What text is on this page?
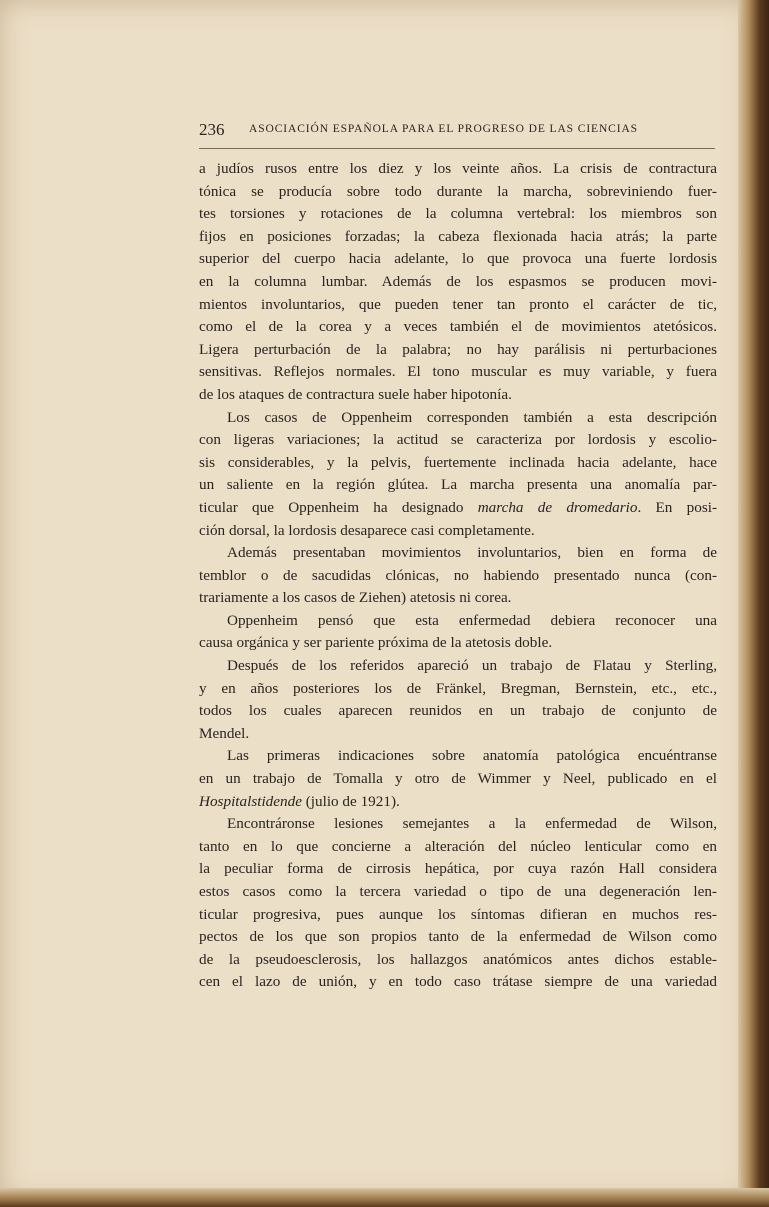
236 ASOCIACIÓN ESPAÑOLA PARA EL PROGRESO DE LAS CIENCIAS
a judíos rusos entre los diez y los veinte años. La crisis de contractura
tónica se producía sobre todo durante la marcha, sobreviniendo fuer-
tes torsiones y rotaciones de la columna vertebral: los miembros son
fijos en posiciones forzadas; la cabeza flexionada hacia atrás; la parte
superior del cuerpo hacia adelante, lo que provoca una fuerte lordosis
en la columna lumbar. Además de los espasmos se producen movi-
mientos involuntarios, que pueden tener tan pronto el carácter de tic,
como el de la corea y a veces también el de movimientos atetósicos.
Ligera perturbación de la palabra; no hay parálisis ni perturbaciones
sensitivas. Reflejos normales. El tono muscular es muy variable, y fuera
de los ataques de contractura suele haber hipotonía.
Los casos de Oppenheim corresponden también a esta descripción
con ligeras variaciones; la actitud se caracteriza por lordosis y escolio-
sis considerables, y la pelvis, fuertemente inclinada hacia adelante, hace
un saliente en la región glútea. La marcha presenta una anomalía par-
ticular que Oppenheim ha designado marcha de dromedario. En posi-
ción dorsal, la lordosis desaparece casi completamente.
Además presentaban movimientos involuntarios, bien en forma de
temblor o de sacudidas clónicas, no habiendo presentado nunca (con-
trariamente a los casos de Ziehen) atetosis ni corea.
Oppenheim pensó que esta enfermedad debiera reconocer una
causa orgánica y ser pariente próxima de la atetosis doble.
Después de los referidos apareció un trabajo de Flatau y Sterling,
y en años posteriores los de Fränkel, Bregman, Bernstein, etc., etc.,
todos los cuales aparecen reunidos en un trabajo de conjunto de
Mendel.
Las primeras indicaciones sobre anatomía patológica encuéntranse
en un trabajo de Tomalla y otro de Wimmer y Neel, publicado en el
Hospitalstidende (julio de 1921).
Encontráronse lesiones semejantes a la enfermedad de Wilson,
tanto en lo que concierne a alteración del núcleo lenticular como en
la peculiar forma de cirrosis hepática, por cuya razón Hall considera
estos casos como la tercera variedad o tipo de una degeneración len-
ticular progresiva, pues aunque los síntomas difieran en muchos res-
pectos de los que son propios tanto de la enfermedad de Wilson como
de la pseudoesclerosis, los hallazgos anatómicos antes dichos estable-
cen el lazo de unión, y en todo caso trátase siempre de una variedad
